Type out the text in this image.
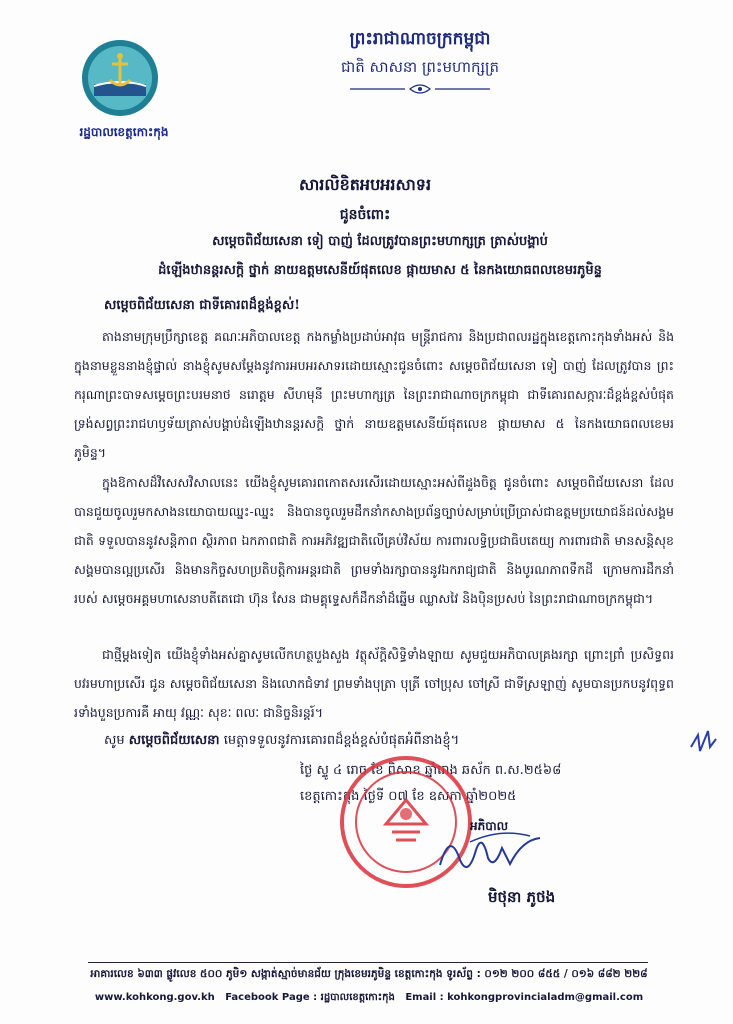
រដ្ឋបាលខេត្តកោះកុង
ព្រះរាជាណាចក្រកម្ពុជា
ជាតិ សាសនា ព្រះមហាក្សត្រ
សារលិខិតអបអរសាទរ
ជូនចំពោះ
សម្តេចពិជ័យសេនា ទៀ បាញ់ ដែលត្រូវបានព្រះមហាក្សត្រ ត្រាស់បង្គាប់
ដំឡើងឋានន្តរសក្តិ ថ្នាក់ នាយឧត្តមសេនីយ៍ផុតលេខ ផ្កាយមាស ៥ នៃកងយោធពលខេមរភូមិន្ទ
សម្តេចពិជ័យសេនា ជាទីគោរពដ៏ខ្ពង់ខ្ពស់!
តាងនាមក្រុមប្រឹក្សាខេត្ត គណៈអភិបាលខេត្ត កងកម្លាំងប្រដាប់អាវុធ មន្ត្រីរាជការ និងប្រជាពលរដ្ឋក្នុងខេត្តកោះកុងទាំងអស់ និងក្នុងនាមខ្លួននាងខ្ញុំផ្ទាល់ នាងខ្ញុំសូមសម្តែងនូវការអបអរសាទរដោយស្មោះជូនចំពោះ សម្តេចពិជ័យសេនា ទៀ បាញ់ ដែលត្រូវបាន ព្រះករុណាព្រះបាទសម្តេចព្រះបរមនាថ នរោត្តម សីហមុនី ព្រះមហាក្សត្រ នៃព្រះរាជាណាចក្រកម្ពុជា ជាទីគោរពសក្ការៈដ៏ខ្ពង់ខ្ពស់បំផុត ទ្រង់សព្វព្រះរាជហឫទ័យត្រាស់បង្គាប់ដំឡើងឋានន្តរសក្តិ ថ្នាក់ នាយឧត្តមសេនីយ៍ផុតលេខ ផ្កាយមាស ៥ នៃកងយោធពលខេមរភូមិន្ទ។
ក្នុងឱកាសដ៏វិសេសវិសាលនេះ យើងខ្ញុំសូមគោរពកោតសរសើរដោយស្មោះអស់ពីដួងចិត្ត ជូនចំពោះ សម្តេចពិជ័យសេនា ដែលបានជួយចូលរួមកសាងនយោបាយឈ្នះ-ឈ្នះ និងបានចូលរួមដឹកនាំកសាងប្រព័ន្ធច្បាប់សម្រាប់ប្រើប្រាស់ជាឧត្តមប្រយោជន៍ដល់សង្គមជាតិ ទទួលបាននូវសន្តិភាព ស្ថិរភាព ឯកភាពជាតិ ការអភិវឌ្ឍជាតិលើគ្រប់វិស័យ ការពារលទ្ធិប្រជាធិបតេយ្យ ការពារជាតិ មានសន្តិសុខសង្គមបានល្អប្រសើរ និងមានកិច្ចសហប្រតិបត្តិការអន្តរជាតិ ព្រមទាំងរក្សាបាននូវឯករាជ្យជាតិ និងបូរណភាពទឹកដី ក្រោមការដឹកនាំរបស់ សម្តេចអគ្គមហាសេនាបតីតេជោ ហ៊ុន សែន ជាមគ្គុទ្ទេសក៏ដឹកនាំដ៏ឆ្នើម ឈ្លាសវៃ និងប៉ិនប្រសប់ នៃព្រះរាជាណាចក្រកម្ពុជា។
ជាថ្មីម្តងទៀត យើងខ្ញុំទាំងអស់គ្នាសូមលើកហត្ថបួងសួង វត្ថុស័ក្តិសិទ្ធិទាំងឡាយ សូមជួយអភិបាលគ្រងរក្សា ព្រោះព្រាំ ប្រសិទ្ធពរ បវរមហាប្រសើរ ជូន សម្តេចពិជ័យសេនា និងលោកជំទាវ ព្រមទាំងបុត្រា បុត្រី ចៅប្រុស ចៅស្រី ជាទីស្រឡាញ់ សូមបានប្រកបនូវពុទ្ធពរទាំងបួនប្រការគឺ អាយុ វណ្ណៈ សុខៈ ពលៈ ជានិច្ចនិរន្តរ៍។
សូម សម្តេចពិជ័យសេនា មេត្តាទទួលនូវការគោរពដ៏ខ្ពង់ខ្ពស់បំផុតអំពីនាងខ្ញុំ។
ថ្ងៃ ស្ទូ ៤ រោច ខែ ពិសាខ ឆ្នាំរោង ឆស័ក ព.ស.២៥៦៨
ខេត្តកោះកុង ថ្ងៃទី ០៧ ខែ ឧសភា ឆ្នាំ២០២៥
អភិបាល
មិថុនា ភូថង
អាគារលេខ ៦៣៣ ផ្លូវលេខ ៥០០ ភូមិ១ សង្កាត់ស្មាច់មានជ័យ ក្រុងខេមរភូមិន្ទ ខេត្តកោះកុង ទូរស័ព្ទ : ០១២ ២០០ ៨៥៥ / ០១៦ ៨៨២ ២២៨
www.kohkong.gov.kh Facebook Page : រដ្ឋបាលខេត្តកោះកុង Email : kohkongprovincialadm@gmail.com
